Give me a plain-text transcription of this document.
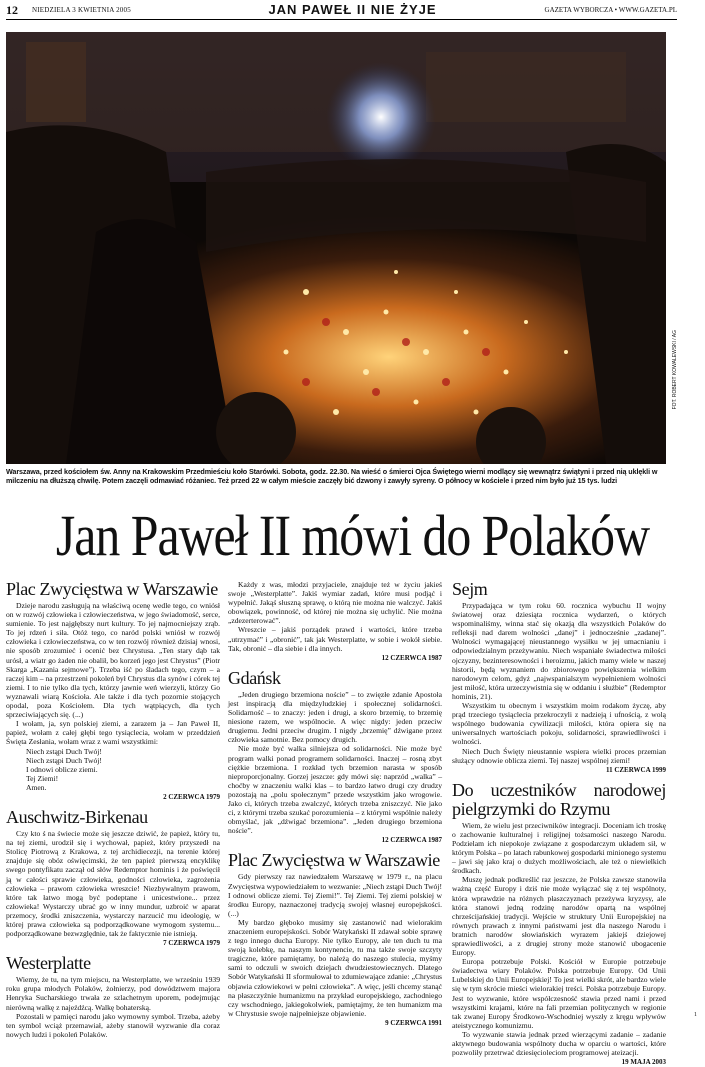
12 NIEDZIELA 3 KWIETNIA 2005	JAN PAWEŁ II NIE ŻYJE	GAZETA WYBORCZA • WWW.GAZETA.PL
FOT. ROBERT KOWALEWSKI / AG
Warszawa, przed kościołem św. Anny na Krakowskim Przedmieściu koło Starówki. Sobota, godz. 22.30. Na wieść o śmierci Ojca Świętego wierni modlący się wewnątrz świątyni i przed nią uklękli w milczeniu na dłuższą chwilę. Potem zaczęli odmawiać różaniec. Też przed 22 w całym mieście zaczęły bić dzwony i zawyły syreny. O północy w kościele i przed nim było już 15 tys. ludzi
Jan Paweł II mówi do Polaków
Plac Zwycięstwa w Warszawie

Dzieje narodu zasługują na właściwą ocenę wedle tego, co wniósł on w rozwój człowieka i człowieczeństwa, w jego świadomość, serce, sumienie. To jest najgłębszy nurt kultury. To jej najmocniejszy zrąb. To jej rdzeń i siła. Otóż tego, co naród polski wniósł w rozwój człowieka i człowieczeństwa, co w ten rozwój również dzisiaj wnosi, nie sposób zrozumieć i ocenić bez Chrystusa. „Ten stary dąb tak urósł, a wiatr go żaden nie obalił, bo korzeń jego jest Chrystus” (Piotr Skarga „Kazania sejmowe”). Trzeba iść po śladach tego, czym – a raczej kim – na przestrzeni pokoleń był Chrystus dla synów i córek tej ziemi. I to nie tylko dla tych, którzy jawnie weń wierzyli, którzy Go wyznawali wiarą Kościoła. Ale także i dla tych pozornie stojących opodal, poza Kościołem. Dla tych wątpiących, dla tych sprzeciwiających się. (...)

I wołam, ja, syn polskiej ziemi, a zarazem ja – Jan Paweł II, papież, wołam z całej głębi tego tysiąclecia, wołam w przeddzień Święta Zesłania, wołam wraz z wami wszystkimi:

Niech zstąpi Duch Twój!

Niech zstąpi Duch Twój!

I odnowi oblicze ziemi.

Tej Ziemi!

Amen.

2 CZERWCA 1979
Auschwitz-Birkenau

Czy kto ś na świecie może się jeszcze dziwić, że papież, który tu, na tej ziemi, urodził się i wychował, papież, który przyszedł na Stolicę Piotrową z Krakowa, z tej archidiecezji, na terenie której znajduje się obóz oświęcimski, że ten papież pierwszą encyklikę swego pontyfikatu zaczął od słów Redemptor hominis i że poświęcił ją w całości sprawie człowieka, godności człowieka, zagrożenia człowieka – prawom człowieka wreszcie! Niezbywalnym prawom, które tak łatwo mogą być podeptane i unicestwione... przez człowieka! Wystarczy ubrać go w inny mundur, uzbroić w aparat przemocy, środki zniszczenia, wystarczy narzucić mu ideologię, w której prawa człowieka są podporządkowane wymogom systemu... podporządkowane bezwzględnie, tak że faktycznie nie istnieją.

7 CZERWCA 1979
Westerplatte

Wiemy, że tu, na tym miejscu, na Westerplatte, we wrześniu 1939 roku grupa młodych Polaków, żołnierzy, pod dowództwem majora Henryka Sucharskiego trwała ze szlachetnym uporem, podejmując nierówną walkę z najeźdźcą. Walkę bohaterską.

Pozostali w pamięci narodu jako wymowny symbol. Trzeba, ażeby ten symbol wciąż przemawiał, ażeby stanowił wyzwanie dla coraz nowych ludzi i pokoleń Polaków.

Każdy z was, młodzi przyjaciele, znajduje też w życiu jakieś swoje „Westerplatte”. Jakiś wymiar zadań, które musi podjąć i wypełnić. Jakąś słuszną sprawę, o którą nie można nie walczyć. Jakiś obowiązek, powinność, od której nie można się uchylić. Nie można „zdezerterować”.

Wreszcie – jakiś porządek prawd i wartości, które trzeba „utrzymać” i „obronić”, tak jak Westerplatte, w sobie i wokół siebie. Tak, obronić – dla siebie i dla innych.

12 CZERWCA 1987
Gdańsk

„Jeden drugiego brzemiona noście” – to zwięzłe zdanie Apostoła jest inspiracją dla międzyludzkiej i społecznej solidarności. Solidarność – to znaczy: jeden i drugi, a skoro brzemię, to brzemię niesione razem, we wspólnocie. A więc nigdy: jeden przeciw drugiemu. Jedni przeciw drugim. I nigdy „brzemię” dźwigane przez człowieka samotnie. Bez pomocy drugich.

Nie może być walka silniejsza od solidarności. Nie może być program walki ponad programem solidarności. Inaczej – rosną zbyt ciężkie brzemiona. I rozkład tych brzemion narasta w sposób nieproporcjonalny. Gorzej jeszcze: gdy mówi się: naprzód „walka” – choćby w znaczeniu walki klas – to bardzo łatwo drugi czy drudzy pozostają na „polu społecznym” przede wszystkim jako wrogowie. Jako ci, których trzeba zwalczyć, których trzeba zniszczyć. Nie jako ci, z którymi trzeba szukać porozumienia – z którymi wspólnie należy obmyślać, jak „dźwigać brzemiona”. „Jeden drugiego brzemiona noście”.

12 CZERWCA 1987
Plac Zwycięstwa w Warszawie

Gdy pierwszy raz nawiedzałem Warszawę w 1979 r., na placu Zwycięstwa wypowiedziałem to wezwanie: „Niech zstąpi Duch Twój! I odnowi oblicze ziemi. Tej Ziemi!”. Tej Ziemi. Tej ziemi polskiej w środku Europy, naznaczonej tradycją swojej własnej europejskości. (...)

My bardzo głęboko musimy się zastanowić nad wielorakim znaczeniem europejskości. Sobór Watykański II zdawał sobie sprawę z tego innego ducha Europy. Nie tylko Europy, ale ten duch tu ma swoją kolebkę, na naszym kontynencie, tu ma także swoje szczyty tragiczne, które pamiętamy, bo należą do naszego stulecia, myśmy sami to odczuli w swoich dziejach dwudziestowiecznych. Dlatego Sobór Watykański II sformułował to zdumiewające zdanie: „Chrystus objawia człowiekowi w pełni człowieka”. A więc, jeśli chcemy stanąć na płaszczyźnie humanizmu na przykład europejskiego, zachodniego czy wschodniego, jakiegokolwiek, pamiętajmy, że ten humanizm ma w Chrystusie swoje najpełniejsze objawienie.

9 CZERWCA 1991
Sejm

Przypadająca w tym roku 60. rocznica wybuchu II wojny światowej oraz dziesiąta rocznica wydarzeń, o których wspominaliśmy, winna stać się okazją dla wszystkich Polaków do refleksji nad darem wolności „danej” i jednocześnie „zadanej”. Wolności wymagającej nieustannego wysiłku w jej umacnianiu i odpowiedzialnym przeżywaniu. Niech wspaniałe świadectwa miłości ojczyzny, bezinteresowności i heroizmu, jakich mamy wiele w naszej historii, będą wyznaniem do zbiorowego powiększenia wielkim narodowym celom, gdyż „najwspanialszym wypełnieniem wolności jest miłość, która urzeczywistnia się w oddaniu i służbie” (Redemptor hominis, 21).

Wszystkim tu obecnym i wszystkim moim rodakom życzę, aby prąd trzeciego tysiąclecia przekroczyli z nadzieją i ufnością, z wolą wspólnego budowania cywilizacji miłości, która opiera się na uniwersalnych wartościach pokoju, solidarności, sprawiedliwości i wolności.

Niech Duch Święty nieustannie wspiera wielki proces przemian służący odnowie oblicza ziemi. Tej naszej wspólnej ziemi!

11 CZERWCA 1999
Do uczestników narodowej pielgrzymki do Rzymu

Wiem, że wielu jest przeciwników integracji. Doceniam ich troskę o zachowanie kulturalnej i religijnej tożsamości naszego Narodu. Podzielam ich niepokoje związane z gospodarczym układem sił, w którym Polska – po latach rabunkowej gospodarki minionego systemu – jawi się jako kraj o dużych możliwościach, ale też o niewielkich środkach.

Muszę jednak podkreślić raz jeszcze, że Polska zawsze stanowiła ważną część Europy i dziś nie może wyłączać się z tej wspólnoty, która wprawdzie na różnych płaszczyznach przeżywa kryzysy, ale która stanowi jedną rodzinę narodów opartą na wspólnej chrześcijańskiej tradycji. Wejście w struktury Unii Europejskiej na równych prawach z innymi państwami jest dla naszego Narodu i bratnich narodów słowiańskich wyrazem jakiejś dziejowej sprawiedliwości, a z drugiej strony może stanowić ubogacenie Europy.

Europa potrzebuje Polski. Kościół w Europie potrzebuje świadectwa wiary Polaków. Polska potrzebuje Europy. Od Unii Lubelskiej do Unii Europejskiej! To jest wielki skrót, ale bardzo wiele się w tym skrócie mieści wielorakiej treści. Polska potrzebuje Europy. Jest to wyzwanie, które współczesność stawia przed nami i przed wszystkimi krajami, które na fali przemian politycznych w regionie tak zwanej Europy Środkowo-Wschodniej wyszły z kręgu wpływów ateistycznego komunizmu.

To wyzwanie stawia jednak przed wierzącymi zadanie – zadanie aktywnego budowania wspólnoty ducha w oparciu o wartości, które pozwoliły przetrwać dziesięcioleciom programowej ateizacji.

19 MAJA 2003
1
